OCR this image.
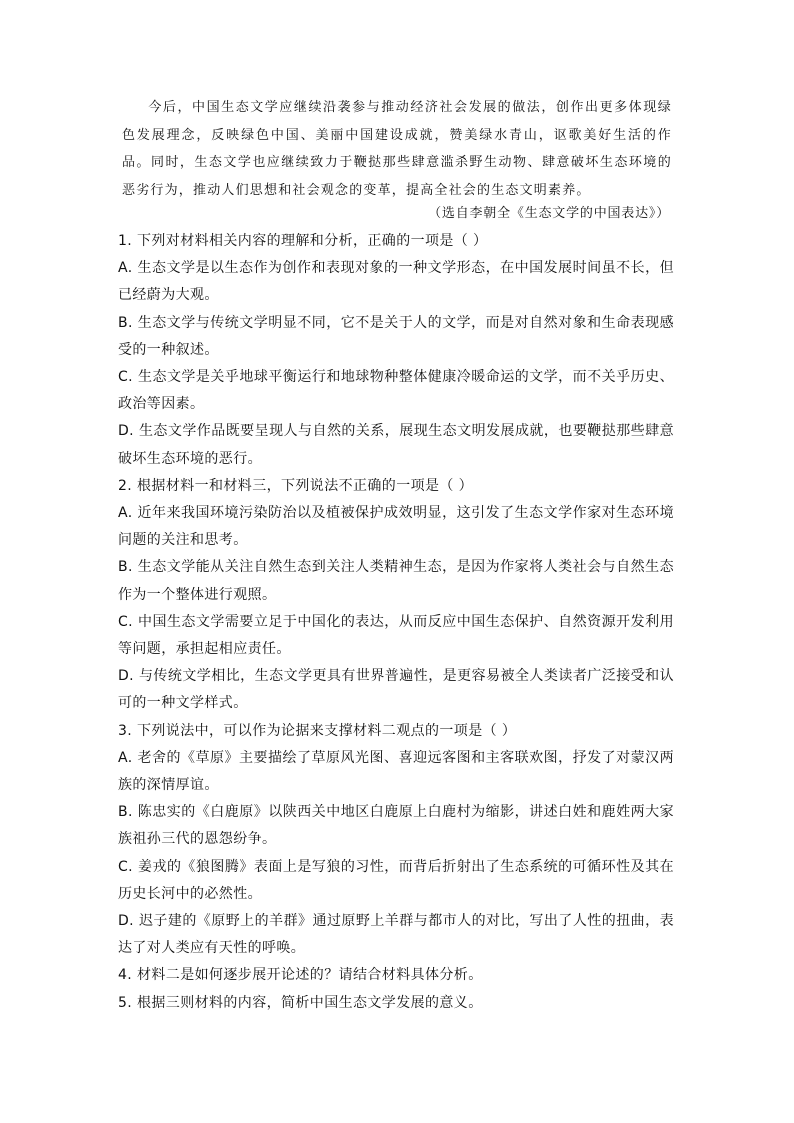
今后，中国生态文学应继续沿袭参与推动经济社会发展的做法，创作出更多体现绿色发展理念，反映绿色中国、美丽中国建设成就，赞美绿水青山，讴歌美好生活的作品。同时，生态文学也应继续致力于鞭挞那些肆意滥杀野生动物、肆意破坏生态环境的恶劣行为，推动人们思想和社会观念的变革，提高全社会的生态文明素养。
（选自李朝全《生态文学的中国表达》）

1. 下列对材料相关内容的理解和分析，正确的一项是（ ）

A. 生态文学是以生态作为创作和表现对象的一种文学形态，在中国发展时间虽不长，但已经蔚为大观。

B. 生态文学与传统文学明显不同，它不是关于人的文学，而是对自然对象和生命表现感受的一种叙述。

C. 生态文学是关乎地球平衡运行和地球物种整体健康冷暖命运的文学，而不关乎历史、政治等因素。

D. 生态文学作品既要呈现人与自然的关系，展现生态文明发展成就，也要鞭挞那些肆意破坏生态环境的恶行。

2. 根据材料一和材料三，下列说法不正确的一项是（ ）

A. 近年来我国环境污染防治以及植被保护成效明显，这引发了生态文学作家对生态环境问题的关注和思考。

B. 生态文学能从关注自然生态到关注人类精神生态，是因为作家将人类社会与自然生态作为一个整体进行观照。

C. 中国生态文学需要立足于中国化的表达，从而反应中国生态保护、自然资源开发利用等问题，承担起相应责任。

D. 与传统文学相比，生态文学更具有世界普遍性，是更容易被全人类读者广泛接受和认可的一种文学样式。

3. 下列说法中，可以作为论据来支撑材料二观点的一项是（ ）

A. 老舍的《草原》主要描绘了草原风光图、喜迎远客图和主客联欢图，抒发了对蒙汉两族的深情厚谊。

B. 陈忠实的《白鹿原》以陕西关中地区白鹿原上白鹿村为缩影，讲述白姓和鹿姓两大家族祖孙三代的恩怨纷争。

C. 姜戎的《狼图腾》表面上是写狼的习性，而背后折射出了生态系统的可循环性及其在历史长河中的必然性。

D. 迟子建的《原野上的羊群》通过原野上羊群与都市人的对比，写出了人性的扭曲，表达了对人类应有天性的呼唤。

4. 材料二是如何逐步展开论述的？请结合材料具体分析。

5. 根据三则材料的内容，简析中国生态文学发展的意义。
